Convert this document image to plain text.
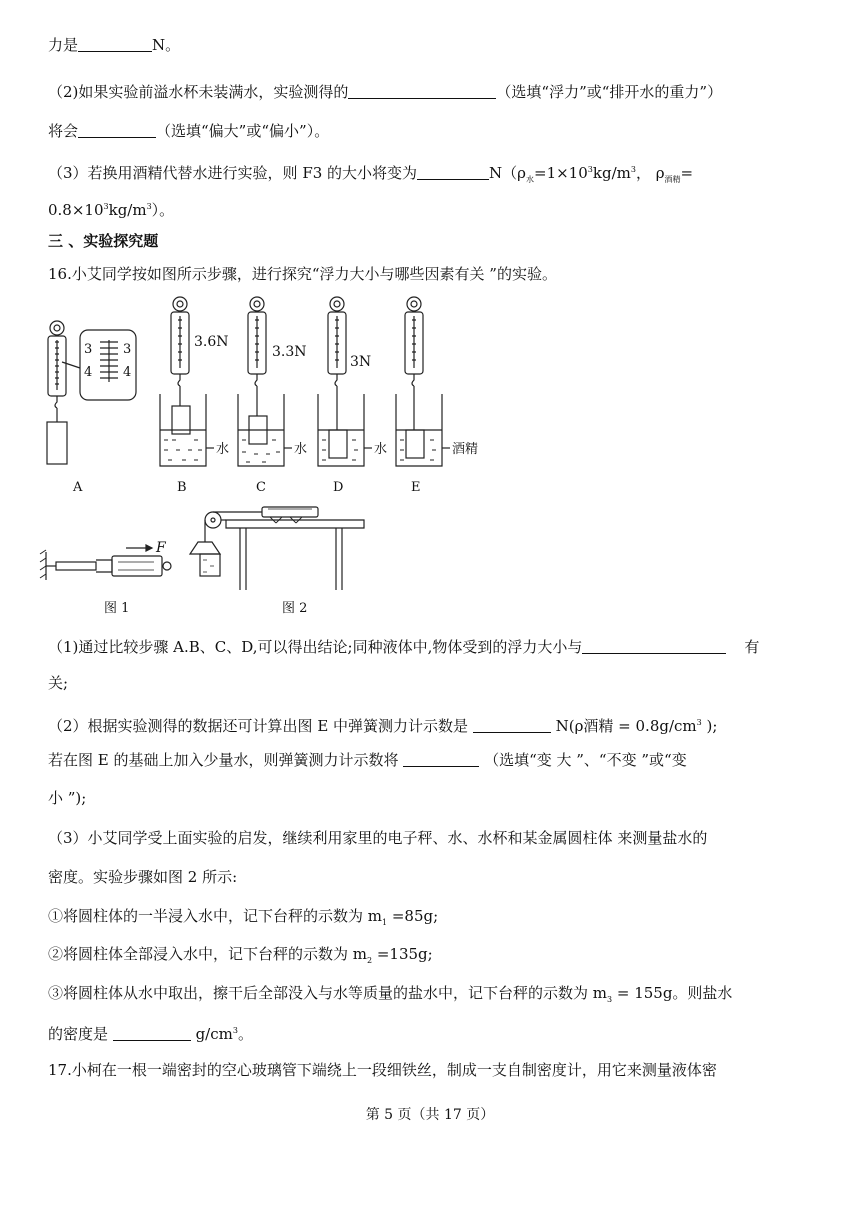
力是	N。
（2)如果实验前溢水杯未装满水，实验测得的	（选填“浮力”或“排开水的重力”）
将会	（选填“偏大”或“偏小”）。
（3）若换用酒精代替水进行实验，则 F3 的大小将变为	$N(\rho_水=1\times 10^3kg/m^3$， $\rho_{酒精}=$
$0.8\times 10^3kg/m^3$）。
三 、实验探究题
16.小艾同学按如图所示步骤，进行探究“浮力大小与哪些因素有关 ”的实验。
3
4
3
4
3.6N
3.3N
3N
水	水	水	酒精
A	B	C	D	E
F
图 1	图 2
（1)通过比较步骤 A.B、C、D,可以得出结论;同种液体中,物体受到的浮力大小与	有
关;
（2）根据实验测得的数据还可计算出图 E 中弹簧测力计示数是	N(ρ酒精 = $0.8g/cm^3$ );
若在图 E 的基础上加入少量水，则弹簧测力计示数将	（选填“变 大 ”、“不变 ”或“变
小 ”);
（3）小艾同学受上面实验的启发，继续利用家里的电子秤、水、水杯和某金属圆柱体 来测量盐水的
密度。实验步骤如图 2 所示:
①将圆柱体的一半浸入水中，记下台秤的示数为 $m_1 =85g$;
②将圆柱体全部浸入水中，记下台秤的示数为 $m_2 =135g$;
③将圆柱体从水中取出，擦干后全部没入与水等质量的盐水中，记下台秤的示数为 $m_3 = 155g$。则盐水
的密度是	$g/cm^3$。
17.小柯在一根一端密封的空心玻璃管下端绕上一段细铁丝，制成一支自制密度计，用它来测量液体密
第 5 页（共 17 页）
